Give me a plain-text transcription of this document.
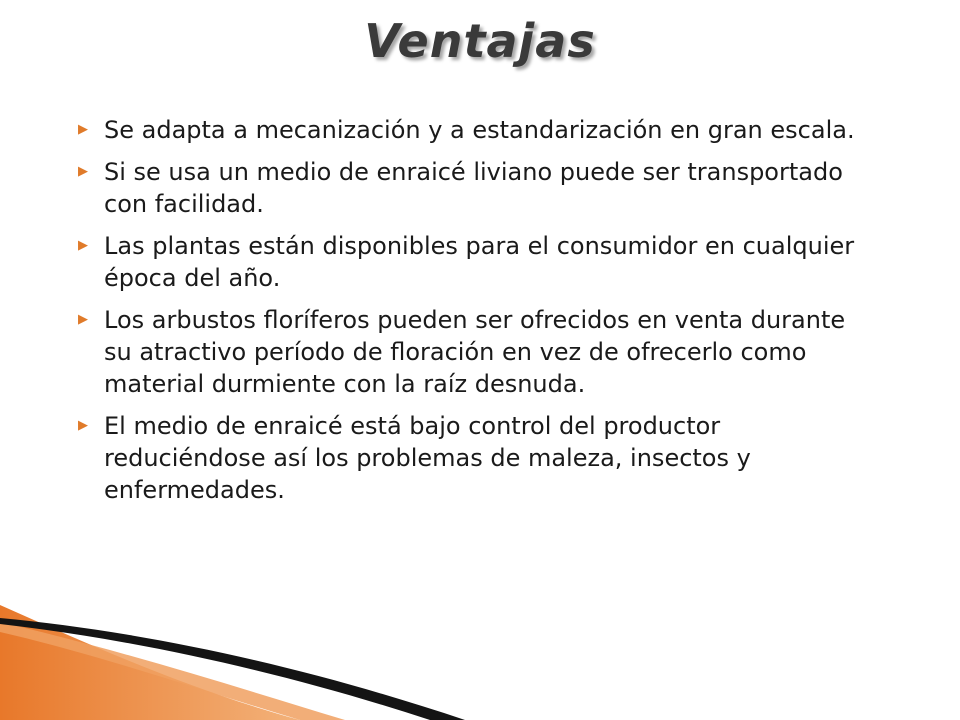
Ventajas
▶ Se adapta a mecanización y a estandarización en gran escala.
▶ Si se usa un medio de enraicé liviano puede ser transportado con facilidad.
▶ Las plantas están disponibles para el consumidor en cualquier época del año.
▶ Los arbustos floríferos pueden ser ofrecidos en venta durante su atractivo período de floración en vez de ofrecerlo como material durmiente con la raíz desnuda.
▶ El medio de enraicé está bajo control del productor reduciéndose así los problemas de maleza, insectos y enfermedades.
